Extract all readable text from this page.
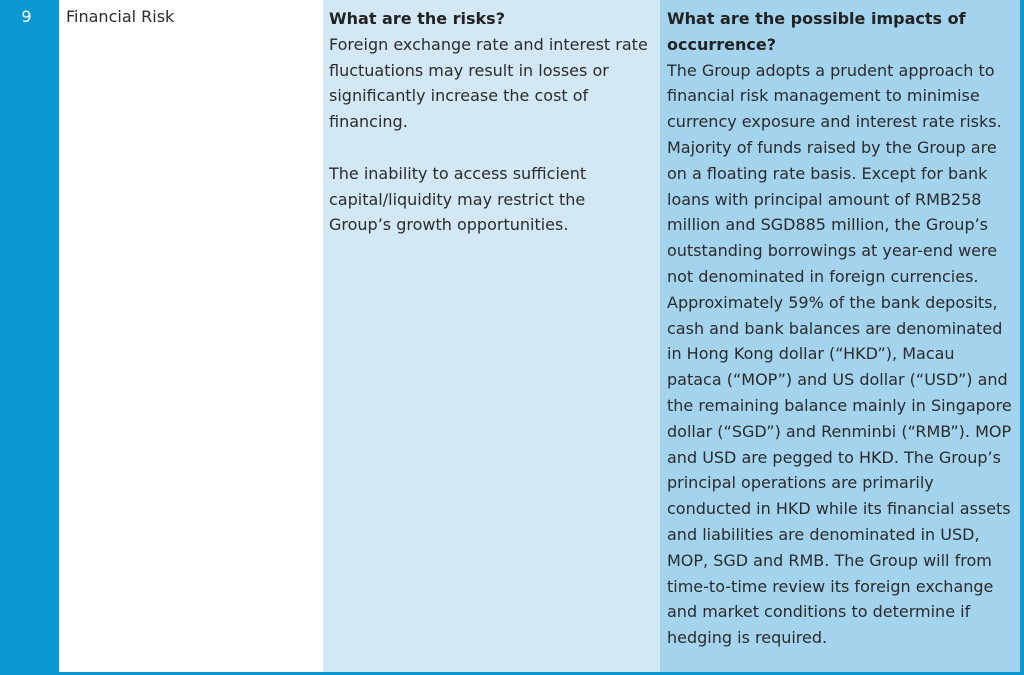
9	Financial Risk	What are the risks?
Foreign exchange rate and interest rate fluctuations may result in losses or significantly increase the cost of financing.
The inability to access sufficient capital/liquidity may restrict the Group’s growth opportunities.
What are the possible impacts of occurrence?
The Group adopts a prudent approach to financial risk management to minimise currency exposure and interest rate risks. Majority of funds raised by the Group are on a floating rate basis. Except for bank loans with principal amount of RMB258 million and SGD885 million, the Group’s outstanding borrowings at year-end were not denominated in foreign currencies. Approximately 59% of the bank deposits, cash and bank balances are denominated in Hong Kong dollar (“HKD”), Macau pataca (“MOP”) and US dollar (“USD”) and the remaining balance mainly in Singapore dollar (“SGD”) and Renminbi (“RMB”). MOP and USD are pegged to HKD. The Group’s principal operations are primarily conducted in HKD while its financial assets and liabilities are denominated in USD, MOP, SGD and RMB. The Group will from time-to-time review its foreign exchange and market conditions to determine if hedging is required.
